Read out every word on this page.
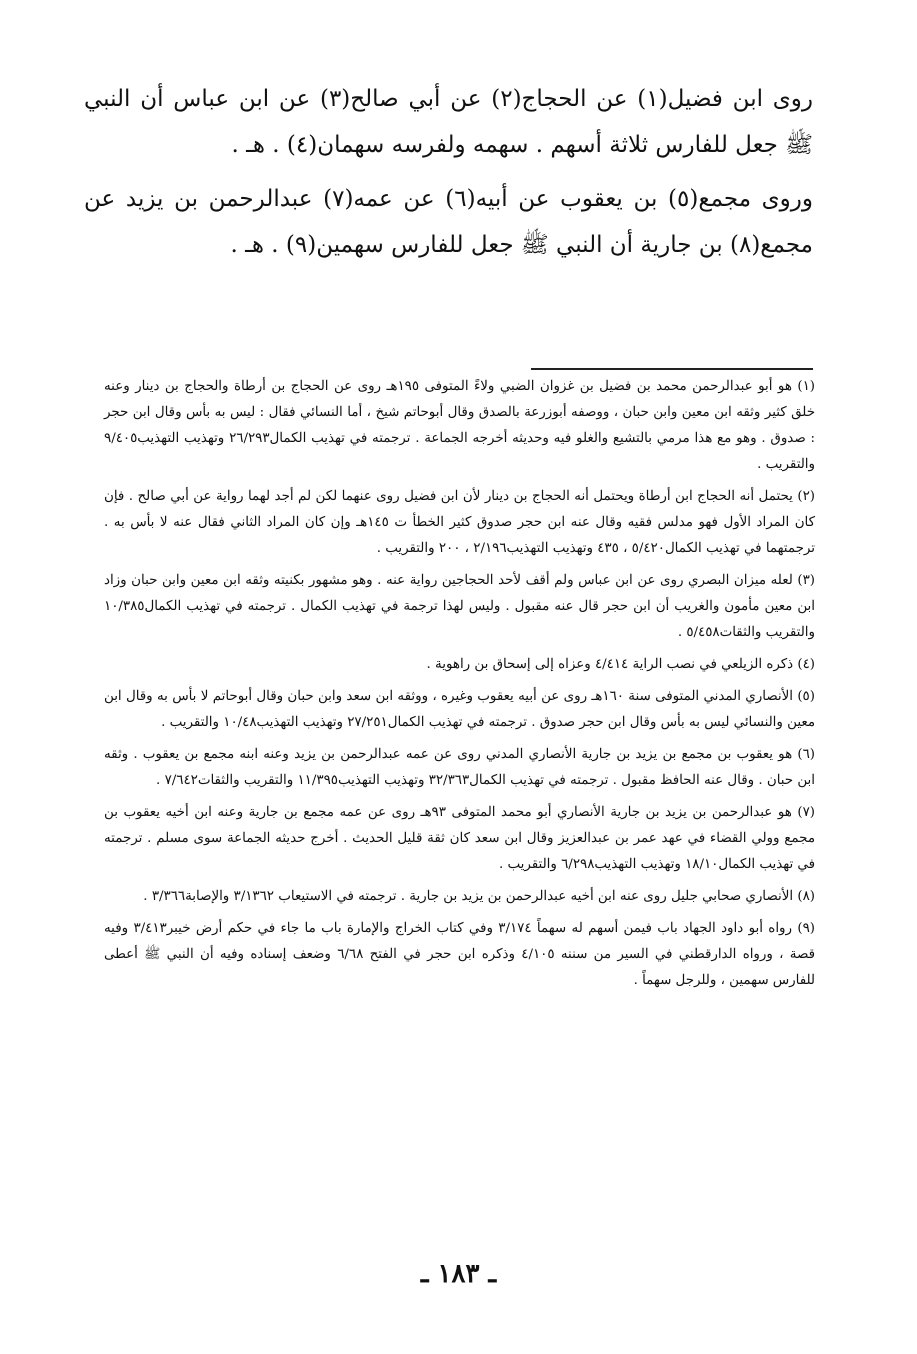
روى ابن فضيل(١) عن الحجاج(٢) عن أبي صالح(٣) عن ابن عباس أن النبي ﷺ جعل للفارس ثلاثة أسهم . سهمه ولفرسه سهمان(٤) . هـ .

وروى مجمع(٥) بن يعقوب عن أبيه(٦) عن عمه(٧) عبدالرحمن بن يزيد عن مجمع(٨) بن جارية أن النبي ﷺ جعل للفارس سهمين(٩) . هـ .

(١) هو أبو عبدالرحمن محمد بن فضيل بن غزوان الضبي ولاءً المتوفى ١٩٥هـ روى عن الحجاج بن أرطاة والحجاج بن دينار وعنه خلق كثير وثقه ابن معين وابن حبان ، ووصفه أبوزرعة بالصدق وقال أبوحاتم شيخ ، أما النسائي فقال : ليس به بأس وقال ابن حجر : صدوق . وهو مع هذا مرمي بالتشيع والغلو فيه وحديثه أخرجه الجماعة . ترجمته في تهذيب الكمال٢٦/٢٩٣ وتهذيب التهذيب٩/٤٠٥ والتقريب .

(٢) يحتمل أنه الحجاج ابن أرطاة ويحتمل أنه الحجاج بن دينار لأن ابن فضيل روى عنهما لكن لم أجد لهما رواية عن أبي صالح . فإن كان المراد الأول فهو مدلس فقيه وقال عنه ابن حجر صدوق كثير الخطأ ت ١٤٥هـ وإن كان المراد الثاني فقال عنه لا بأس به . ترجمتهما في تهذيب الكمال٥/٤٢٠ ، ٤٣٥ وتهذيب التهذيب٢/١٩٦ ، ٢٠٠ والتقريب .

(٣) لعله ميزان البصري روى عن ابن عباس ولم أقف لأحد الحجاجين رواية عنه . وهو مشهور بكنيته وثقه ابن معين وابن حبان وزاد ابن معين مأمون والغريب أن ابن حجر قال عنه مقبول . وليس لهذا ترجمة في تهذيب الكمال . ترجمته في تهذيب الكمال١٠/٣٨٥ والتقريب والثقات٥/٤٥٨ .

(٤) ذكره الزيلعي في نصب الراية ٤/٤١٤ وعزاه إلى إسحاق بن راهوية .

(٥) الأنصاري المدني المتوفى سنة ١٦٠هـ روى عن أبيه يعقوب وغيره ، ووثقه ابن سعد وابن حبان وقال أبوحاتم لا بأس به وقال ابن معين والنسائي ليس به بأس وقال ابن حجر صدوق . ترجمته في تهذيب الكمال٢٧/٢٥١ وتهذيب التهذيب١٠/٤٨ والتقريب .

(٦) هو يعقوب بن مجمع بن يزيد بن جارية الأنصاري المدني روى عن عمه عبدالرحمن بن يزيد وعنه ابنه مجمع بن يعقوب . وثقه ابن حبان . وقال عنه الحافظ مقبول . ترجمته في تهذيب الكمال٣٢/٣٦٣ وتهذيب التهذيب١١/٣٩٥ والتقريب والثقات٧/٦٤٢ .

(٧) هو عبدالرحمن بن يزيد بن جارية الأنصاري أبو محمد المتوفى ٩٣هـ روى عن عمه مجمع بن جارية وعنه ابن أخيه يعقوب بن مجمع وولي القضاء في عهد عمر بن عبدالعزيز وقال ابن سعد كان ثقة قليل الحديث . أخرج حديثه الجماعة سوى مسلم . ترجمته في تهذيب الكمال١٨/١٠ وتهذيب التهذيب٦/٢٩٨ والتقريب .

(٨) الأنصاري صحابي جليل روى عنه ابن أخيه عبدالرحمن بن يزيد بن جارية . ترجمته في الاستيعاب ٣/١٣٦٢ والإصابة٣/٣٦٦ .

(٩) رواه أبو داود الجهاد باب فيمن أسهم له سهماً ٣/١٧٤ وفي كتاب الخراج والإمارة باب ما جاء في حكم أرض خيبر٣/٤١٣ وفيه قصة ، ورواه الدارقطني في السير من سننه ٤/١٠٥ وذكره ابن حجر في الفتح ٦/٦٨ وضعف إسناده وفيه أن النبي ﷺ أعطى للفارس سهمين ، وللرجل سهماً .

ـ ١٨٣ ـ
